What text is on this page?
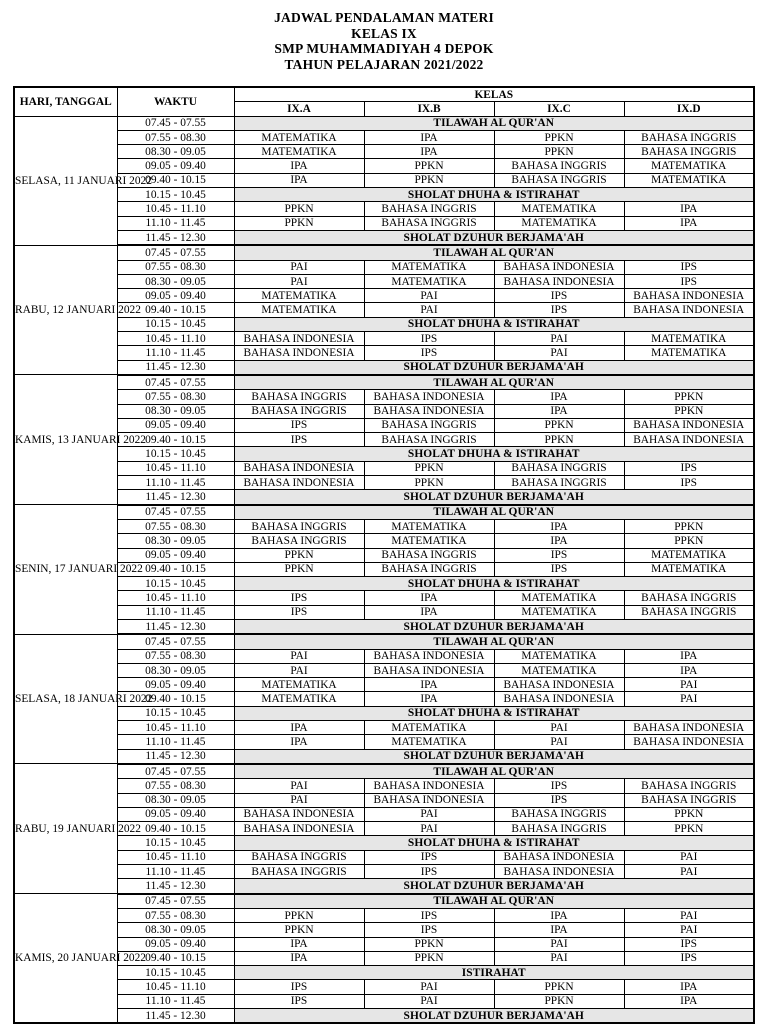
JADWAL PENDALAMAN MATERI
KELAS IX
SMP MUHAMMADIYAH 4 DEPOK
TAHUN PELAJARAN 2021/2022
HARI, TANGGAL	WAKTU	KELAS			
		IX.A	IX.B	IX.C	IX.D
SELASA, 11 JANUARI 2022	07.45 - 07.55	TILAWAH AL QUR'AN			
	07.55 - 08.30	MATEMATIKA	IPA	PPKN	BAHASA INGGRIS
	08.30 - 09.05	MATEMATIKA	IPA	PPKN	BAHASA INGGRIS
	09.05 - 09.40	IPA	PPKN	BAHASA INGGRIS	MATEMATIKA
	09.40 - 10.15	IPA	PPKN	BAHASA INGGRIS	MATEMATIKA
	10.15 - 10.45	SHOLAT DHUHA & ISTIRAHAT			
	10.45 - 11.10	PPKN	BAHASA INGGRIS	MATEMATIKA	IPA
	11.10 - 11.45	PPKN	BAHASA INGGRIS	MATEMATIKA	IPA
	11.45 - 12.30	SHOLAT DZUHUR BERJAMA'AH			
RABU, 12 JANUARI 2022	07.45 - 07.55	TILAWAH AL QUR'AN			
	07.55 - 08.30	PAI	MATEMATIKA	BAHASA INDONESIA	IPS
	08.30 - 09.05	PAI	MATEMATIKA	BAHASA INDONESIA	IPS
	09.05 - 09.40	MATEMATIKA	PAI	IPS	BAHASA INDONESIA
	09.40 - 10.15	MATEMATIKA	PAI	IPS	BAHASA INDONESIA
	10.15 - 10.45	SHOLAT DHUHA & ISTIRAHAT			
	10.45 - 11.10	BAHASA INDONESIA	IPS	PAI	MATEMATIKA
	11.10 - 11.45	BAHASA INDONESIA	IPS	PAI	MATEMATIKA
	11.45 - 12.30	SHOLAT DZUHUR BERJAMA'AH			
KAMIS, 13 JANUARI 2022	07.45 - 07.55	TILAWAH AL QUR'AN			
	07.55 - 08.30	BAHASA INGGRIS	BAHASA INDONESIA	IPA	PPKN
	08.30 - 09.05	BAHASA INGGRIS	BAHASA INDONESIA	IPA	PPKN
	09.05 - 09.40	IPS	BAHASA INGGRIS	PPKN	BAHASA INDONESIA
	09.40 - 10.15	IPS	BAHASA INGGRIS	PPKN	BAHASA INDONESIA
	10.15 - 10.45	SHOLAT DHUHA & ISTIRAHAT			
	10.45 - 11.10	BAHASA INDONESIA	PPKN	BAHASA INGGRIS	IPS
	11.10 - 11.45	BAHASA INDONESIA	PPKN	BAHASA INGGRIS	IPS
	11.45 - 12.30	SHOLAT DZUHUR BERJAMA'AH			
SENIN, 17 JANUARI 2022	07.45 - 07.55	TILAWAH AL QUR'AN			
	07.55 - 08.30	BAHASA INGGRIS	MATEMATIKA	IPA	PPKN
	08.30 - 09.05	BAHASA INGGRIS	MATEMATIKA	IPA	PPKN
	09.05 - 09.40	PPKN	BAHASA INGGRIS	IPS	MATEMATIKA
	09.40 - 10.15	PPKN	BAHASA INGGRIS	IPS	MATEMATIKA
	10.15 - 10.45	SHOLAT DHUHA & ISTIRAHAT			
	10.45 - 11.10	IPS	IPA	MATEMATIKA	BAHASA INGGRIS
	11.10 - 11.45	IPS	IPA	MATEMATIKA	BAHASA INGGRIS
	11.45 - 12.30	SHOLAT DZUHUR BERJAMA'AH			
SELASA, 18 JANUARI 2022	07.45 - 07.55	TILAWAH AL QUR'AN			
	07.55 - 08.30	PAI	BAHASA INDONESIA	MATEMATIKA	IPA
	08.30 - 09.05	PAI	BAHASA INDONESIA	MATEMATIKA	IPA
	09.05 - 09.40	MATEMATIKA	IPA	BAHASA INDONESIA	PAI
	09.40 - 10.15	MATEMATIKA	IPA	BAHASA INDONESIA	PAI
	10.15 - 10.45	SHOLAT DHUHA & ISTIRAHAT			
	10.45 - 11.10	IPA	MATEMATIKA	PAI	BAHASA INDONESIA
	11.10 - 11.45	IPA	MATEMATIKA	PAI	BAHASA INDONESIA
	11.45 - 12.30	SHOLAT DZUHUR BERJAMA'AH			
RABU, 19 JANUARI 2022	07.45 - 07.55	TILAWAH AL QUR'AN			
	07.55 - 08.30	PAI	BAHASA INDONESIA	IPS	BAHASA INGGRIS
	08.30 - 09.05	PAI	BAHASA INDONESIA	IPS	BAHASA INGGRIS
	09.05 - 09.40	BAHASA INDONESIA	PAI	BAHASA INGGRIS	PPKN
	09.40 - 10.15	BAHASA INDONESIA	PAI	BAHASA INGGRIS	PPKN
	10.15 - 10.45	SHOLAT DHUHA & ISTIRAHAT			
	10.45 - 11.10	BAHASA INGGRIS	IPS	BAHASA INDONESIA	PAI
	11.10 - 11.45	BAHASA INGGRIS	IPS	BAHASA INDONESIA	PAI
	11.45 - 12.30	SHOLAT DZUHUR BERJAMA'AH			
KAMIS, 20 JANUARI 2022	07.45 - 07.55	TILAWAH AL QUR'AN			
	07.55 - 08.30	PPKN	IPS	IPA	PAI
	08.30 - 09.05	PPKN	IPS	IPA	PAI
	09.05 - 09.40	IPA	PPKN	PAI	IPS
	09.40 - 10.15	IPA	PPKN	PAI	IPS
	10.15 - 10.45	ISTIRAHAT			
	10.45 - 11.10	IPS	PAI	PPKN	IPA
	11.10 - 11.45	IPS	PAI	PPKN	IPA
	11.45 - 12.30	SHOLAT DZUHUR BERJAMA'AH			
